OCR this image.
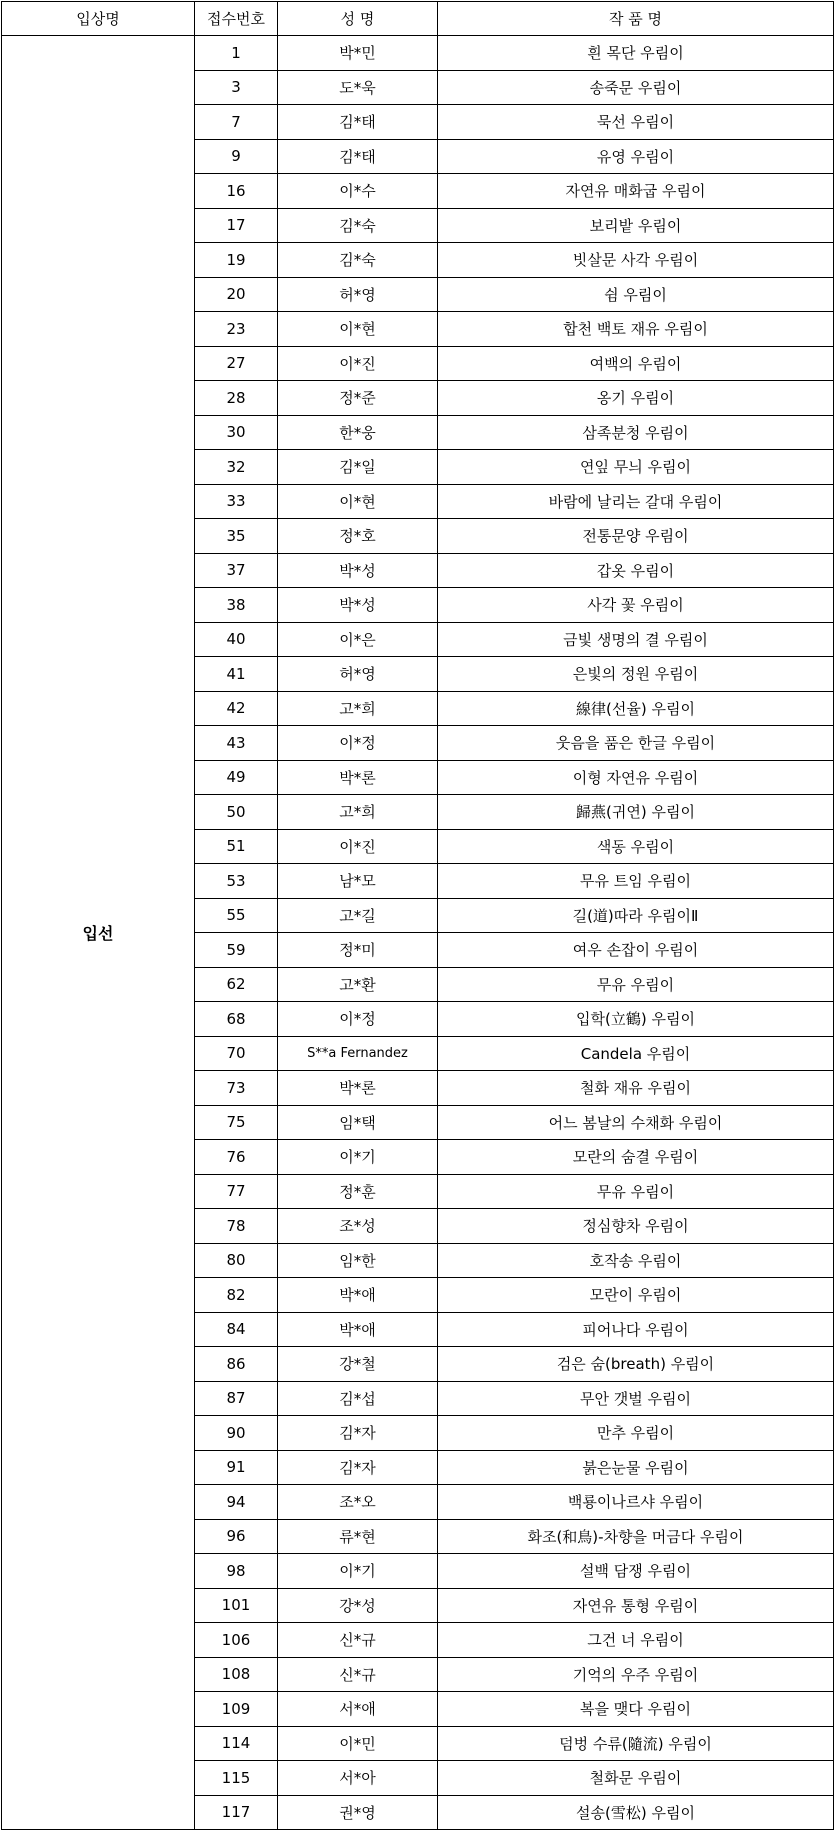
입상명	접수번호	성 명	작 품 명
입선	1	박*민	흰 목단 우림이
	3	도*욱	송죽문 우림이
	7	김*태	묵선 우림이
	9	김*태	유영 우림이
	16	이*수	자연유 매화굽 우림이
	17	김*숙	보리밭 우림이
	19	김*숙	빗살문 사각 우림이
	20	허*영	쉼 우림이
	23	이*현	합천 백토 재유 우림이
	27	이*진	여백의 우림이
	28	정*준	옹기 우림이
	30	한*웅	삼족분청 우림이
	32	김*일	연잎 무늬 우림이
	33	이*현	바람에 날리는 갈대 우림이
	35	정*호	전통문양 우림이
	37	박*성	갑옷 우림이
	38	박*성	사각 꽃 우림이
	40	이*은	금빛 생명의 결 우림이
	41	허*영	은빛의 정원 우림이
	42	고*희	線律(선율) 우림이
	43	이*정	웃음을 품은 한글 우림이
	49	박*론	이형 자연유 우림이
	50	고*희	歸燕(귀연) 우림이
	51	이*진	색동 우림이
	53	남*모	무유 트임 우림이
	55	고*길	길(道)따라 우림이Ⅱ
	59	정*미	여우 손잡이 우림이
	62	고*환	무유 우림이
	68	이*정	입학(立鶴) 우림이
	70	S**a Fernandez	Candela 우림이
	73	박*론	철화 재유 우림이
	75	임*택	어느 봄날의 수채화 우림이
	76	이*기	모란의 숨결 우림이
	77	정*훈	무유 우림이
	78	조*성	정심향차 우림이
	80	임*한	호작송 우림이
	82	박*애	모란이 우림이
	84	박*애	피어나다 우림이
	86	강*철	검은 숨(breath) 우림이
	87	김*섭	무안 갯벌 우림이
	90	김*자	만추 우림이
	91	김*자	붉은눈물 우림이
	94	조*오	백룡이나르샤 우림이
	96	류*현	화조(和鳥)-차향을 머금다 우림이
	98	이*기	설백 담쟁 우림이
	101	강*성	자연유 통형 우림이
	106	신*규	그건 너 우림이
	108	신*규	기억의 우주 우림이
	109	서*애	복을 맺다 우림이
	114	이*민	덤벙 수류(隨流) 우림이
	115	서*아	철화문 우림이
	117	권*영	설송(雪松) 우림이
